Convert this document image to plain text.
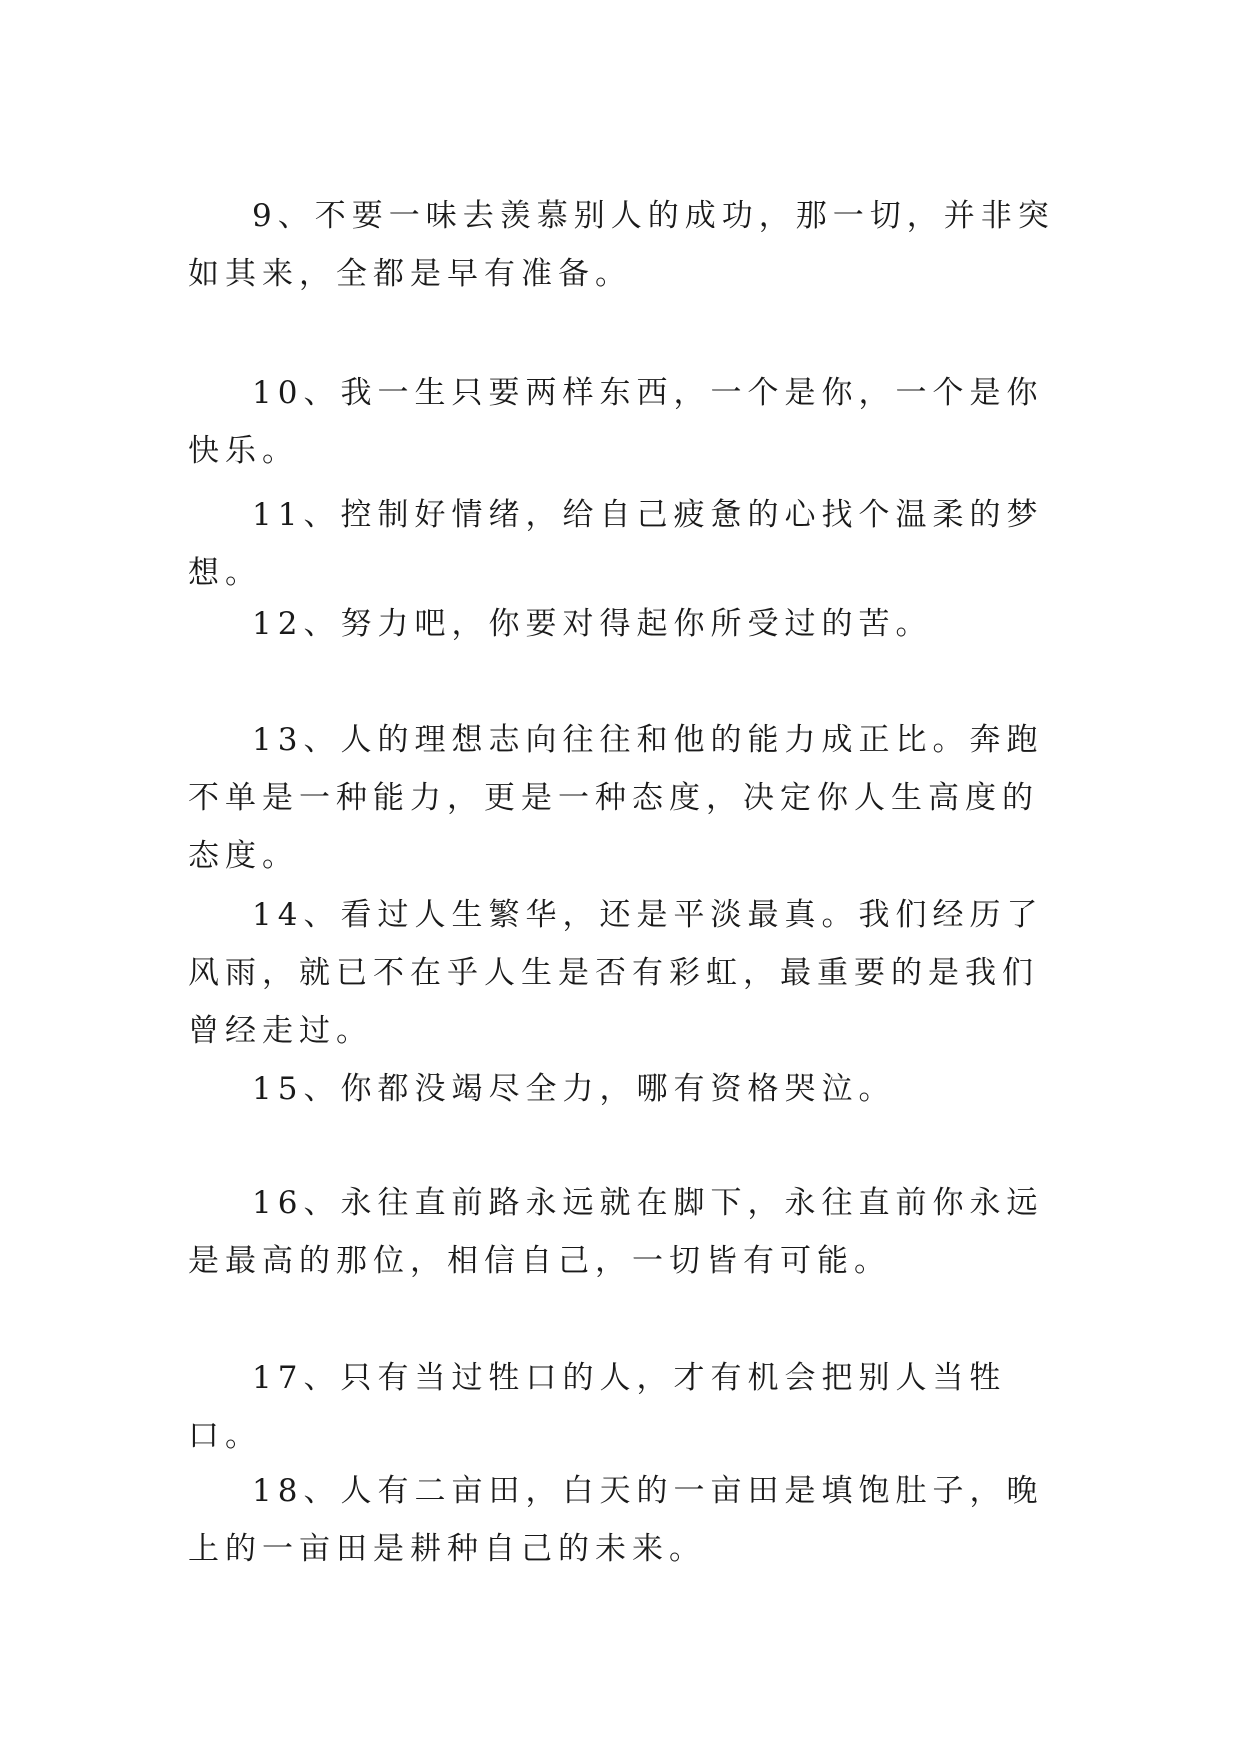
9、不要一味去羡慕别人的成功，那一切，并非突如其来，全都是早有准备。

10、我一生只要两样东西，一个是你，一个是你快乐。

11、控制好情绪，给自己疲惫的心找个温柔的梦想。

12、努力吧，你要对得起你所受过的苦。

13、人的理想志向往往和他的能力成正比。奔跑不单是一种能力，更是一种态度，决定你人生高度的态度。

14、看过人生繁华，还是平淡最真。我们经历了风雨，就已不在乎人生是否有彩虹，最重要的是我们曾经走过。

15、你都没竭尽全力，哪有资格哭泣。

16、永往直前路永远就在脚下，永往直前你永远是最高的那位，相信自己，一切皆有可能。

17、只有当过牲口的人，才有机会把别人当牲口。

18、人有二亩田，白天的一亩田是填饱肚子，晚上的一亩田是耕种自己的未来。
